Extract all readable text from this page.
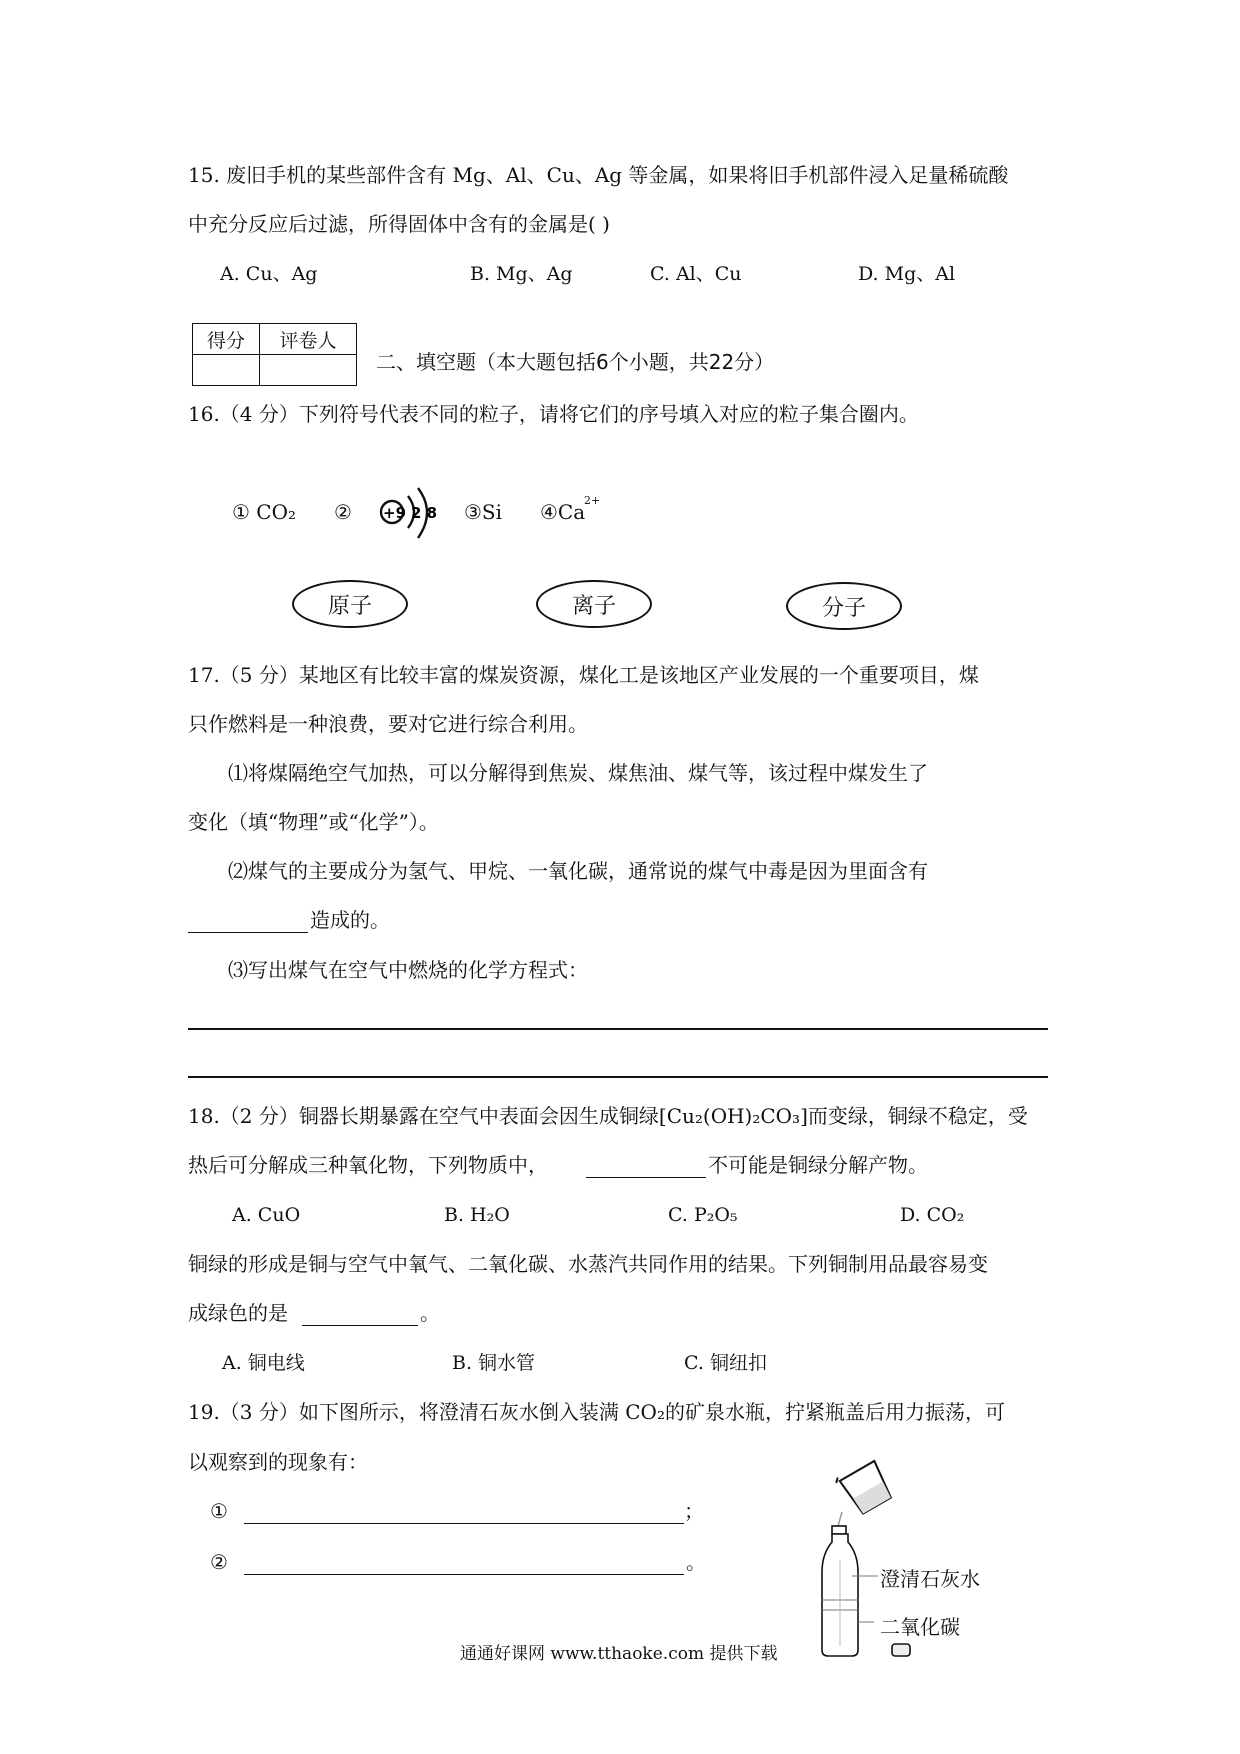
15. 废旧手机的某些部件含有 Mg、Al、Cu、Ag 等金属，如果将旧手机部件浸入足量稀硫酸
中充分反应后过滤，所得固体中含有的金属是( )
A. Cu、Ag	B. Mg、Ag	C. Al、Cu	D. Mg、Al
得分	评卷人

二、填空题（本大题包括6个小题，共22分）
16.（4 分）下列符号代表不同的粒子，请将它们的序号填入对应的粒子集合圈内。
① CO₂ ② +9 2 8 ③Si ④Ca
2+
原子	离子	分子
17.（5 分）某地区有比较丰富的煤炭资源，煤化工是该地区产业发展的一个重要项目，煤
只作燃料是一种浪费，要对它进行综合利用。
⑴将煤隔绝空气加热，可以分解得到焦炭、煤焦油、煤气等，该过程中煤发生了
变化（填“物理”或“化学”）。
⑵煤气的主要成分为氢气、甲烷、一氧化碳，通常说的煤气中毒是因为里面含有
造成的。
⑶写出煤气在空气中燃烧的化学方程式：
18.（2 分）铜器长期暴露在空气中表面会因生成铜绿[Cu₂(OH)₂CO₃]而变绿，铜绿不稳定，受
热后可分解成三种氧化物，下列物质中，	不可能是铜绿分解产物。
A. CuO	B. H₂O	C. P₂O₅	D. CO₂
铜绿的形成是铜与空气中氧气、二氧化碳、水蒸汽共同作用的结果。下列铜制用品最容易变
成绿色的是	。
A. 铜电线	B. 铜水管	C. 铜纽扣
19.（3 分）如下图所示，将澄清石灰水倒入装满 CO₂的矿泉水瓶，拧紧瓶盖后用力振荡，可
以观察到的现象有：
①	；
②	。
澄清石灰水
二氧化碳
通通好课网 www.tthaoke.com 提供下载
